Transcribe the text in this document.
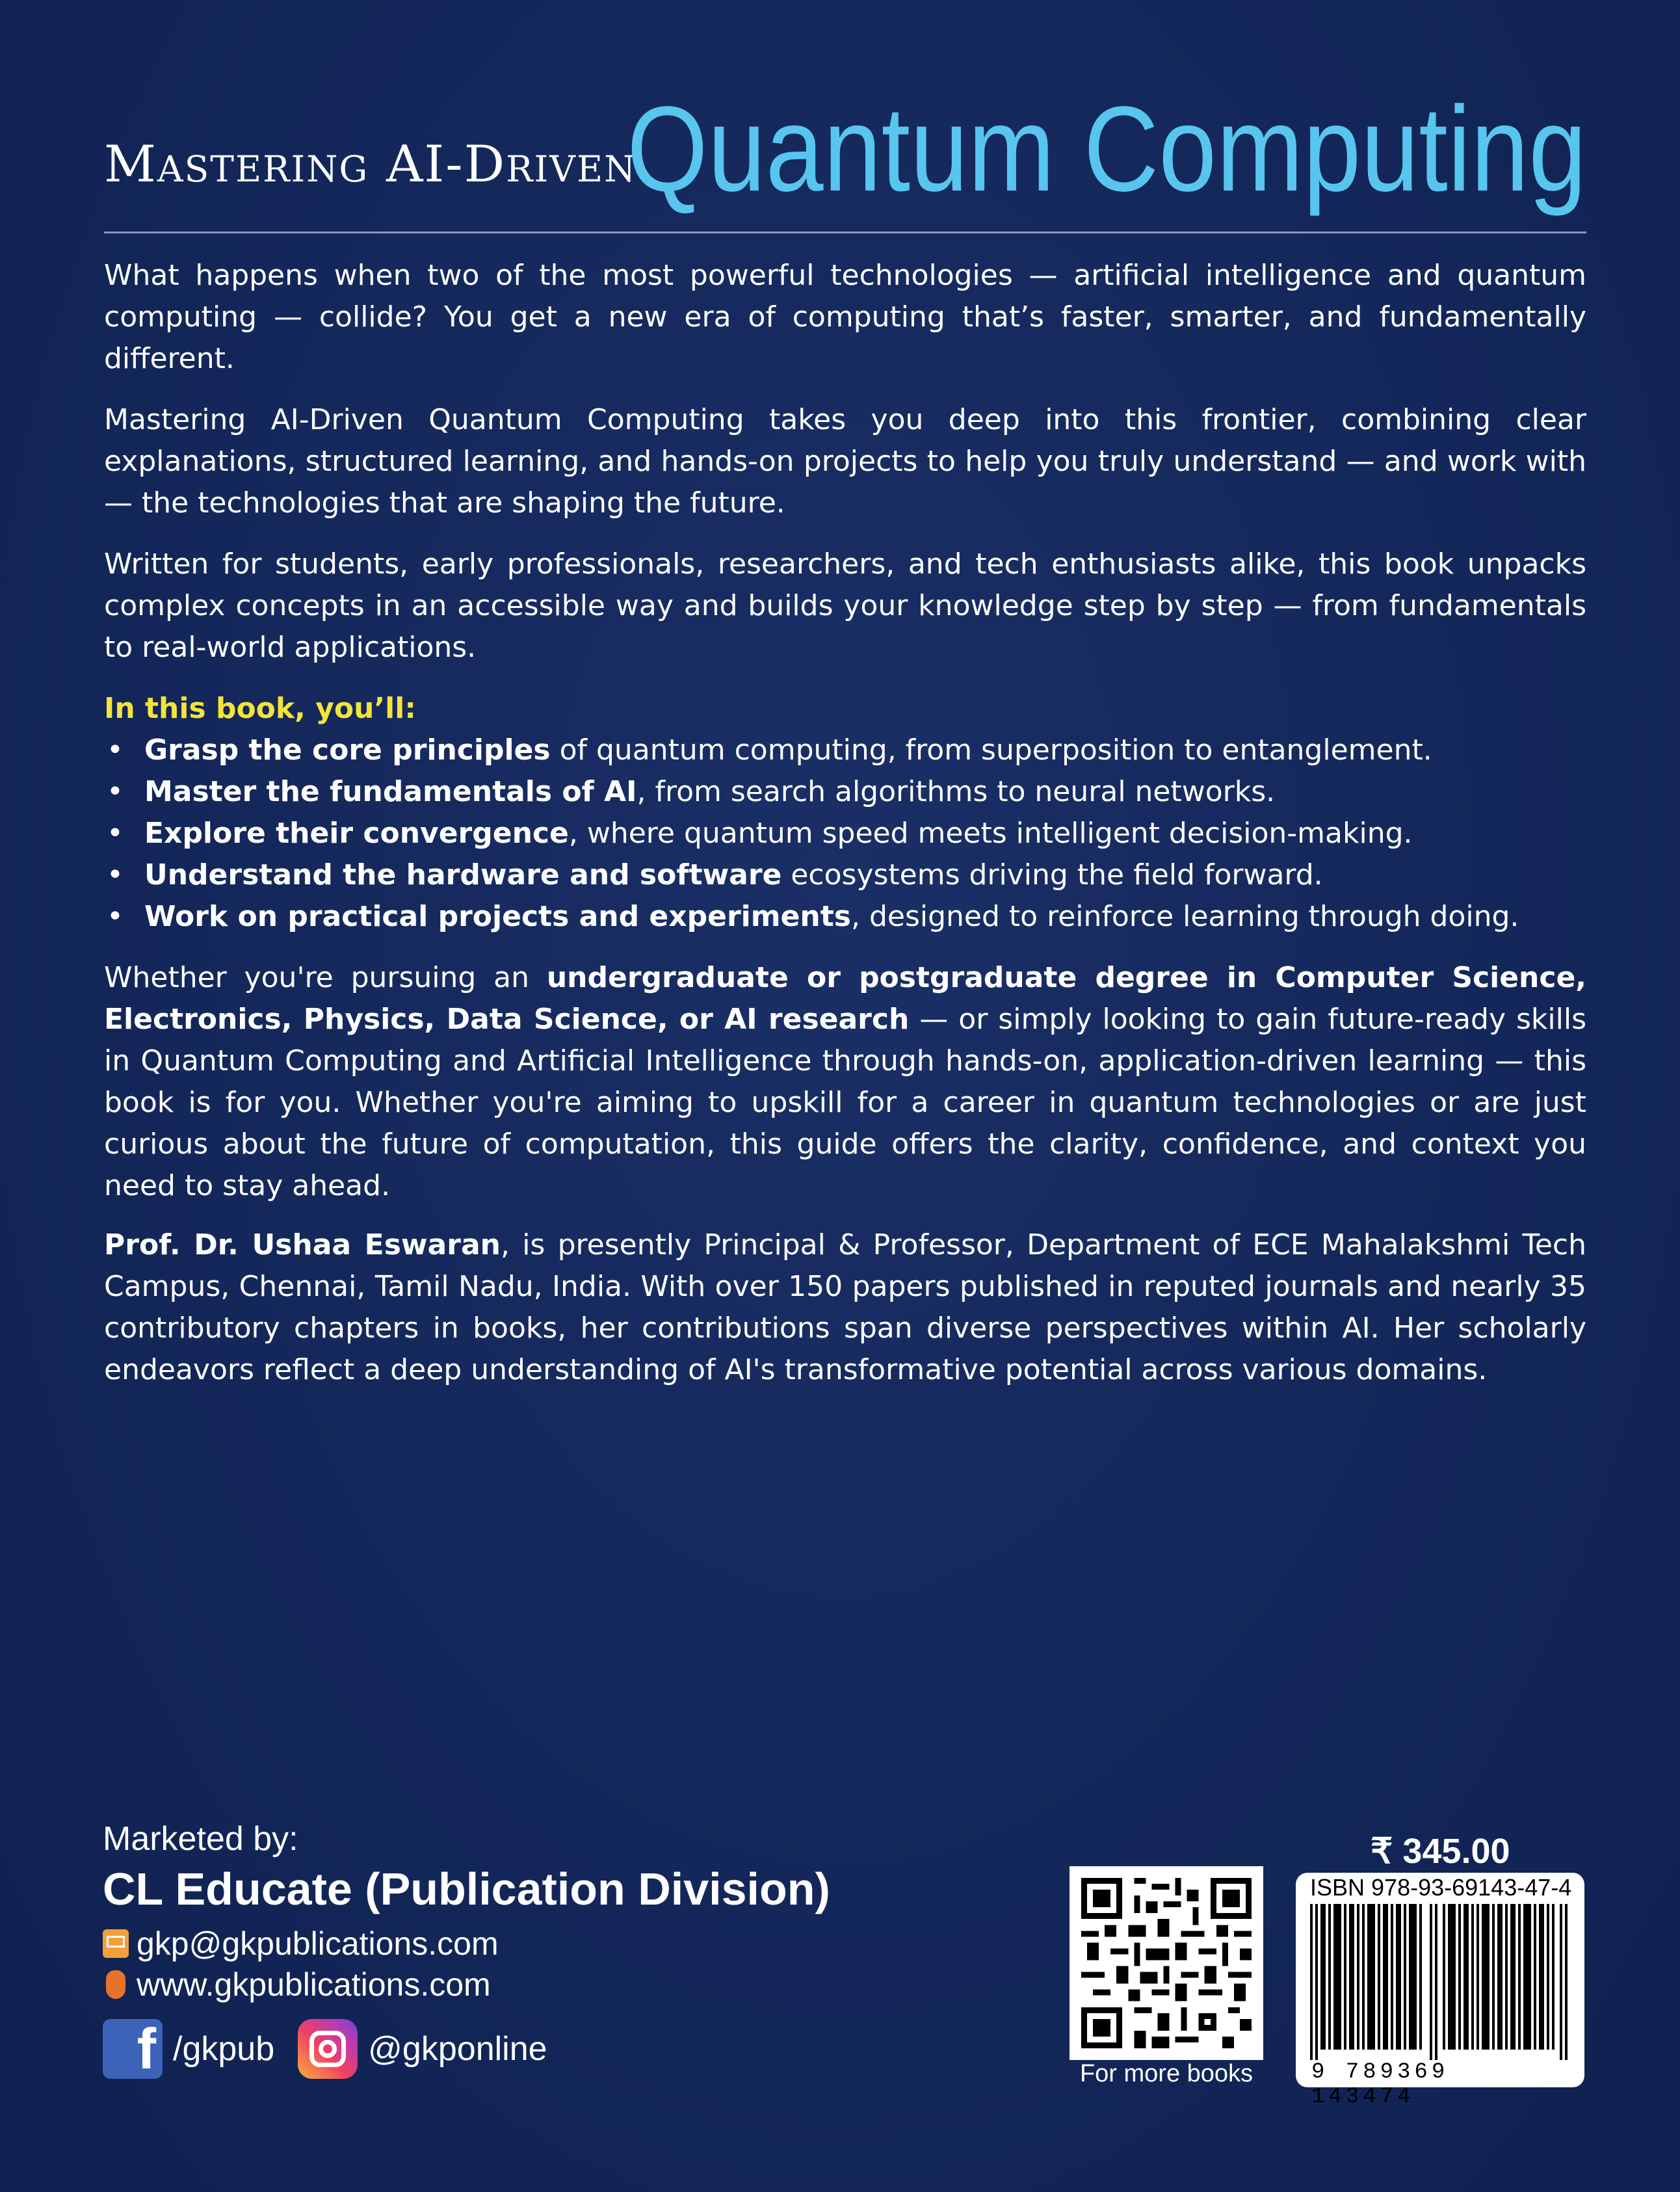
Mastering AI-Driven
Quantum Computing

What happens when two of the most powerful technologies — artificial intelligence and quantum computing — collide? You get a new era of computing that’s faster, smarter, and fundamentally different.

Mastering AI-Driven Quantum Computing takes you deep into this frontier, combining clear explanations, structured learning, and hands-on projects to help you truly understand — and work with — the technologies that are shaping the future.

Written for students, early professionals, researchers, and tech enthusiasts alike, this book unpacks complex concepts in an accessible way and builds your knowledge step by step — from fundamentals to real-world applications.

In this book, you’ll:

• Grasp the core principles of quantum computing, from superposition to entanglement.
• Master the fundamentals of AI, from search algorithms to neural networks.
• Explore their convergence, where quantum speed meets intelligent decision-making.
• Understand the hardware and software ecosystems driving the field forward.
• Work on practical projects and experiments, designed to reinforce learning through doing.

Whether you're pursuing an undergraduate or postgraduate degree in Computer Science, Electronics, Physics, Data Science, or AI research — or simply looking to gain future-ready skills in Quantum Computing and Artificial Intelligence through hands-on, application-driven learning — this book is for you. Whether you're aiming to upskill for a career in quantum technologies or are just curious about the future of computation, this guide offers the clarity, confidence, and context you need to stay ahead.

Prof. Dr. Ushaa Eswaran, is presently Principal & Professor, Department of ECE Mahalakshmi Tech Campus, Chennai, Tamil Nadu, India. With over 150 papers published in reputed journals and nearly 35 contributory chapters in books, her contributions span diverse perspectives within AI. Her scholarly endeavors reflect a deep understanding of AI's transformative potential across various domains.

Marketed by:
CL Educate (Publication Division)
gkp@gkpublications.com
www.gkpublications.com
f /gkpub	@gkponline
For more books
₹ 345.00
ISBN 978-93-69143-47-4
9 789369 143474
